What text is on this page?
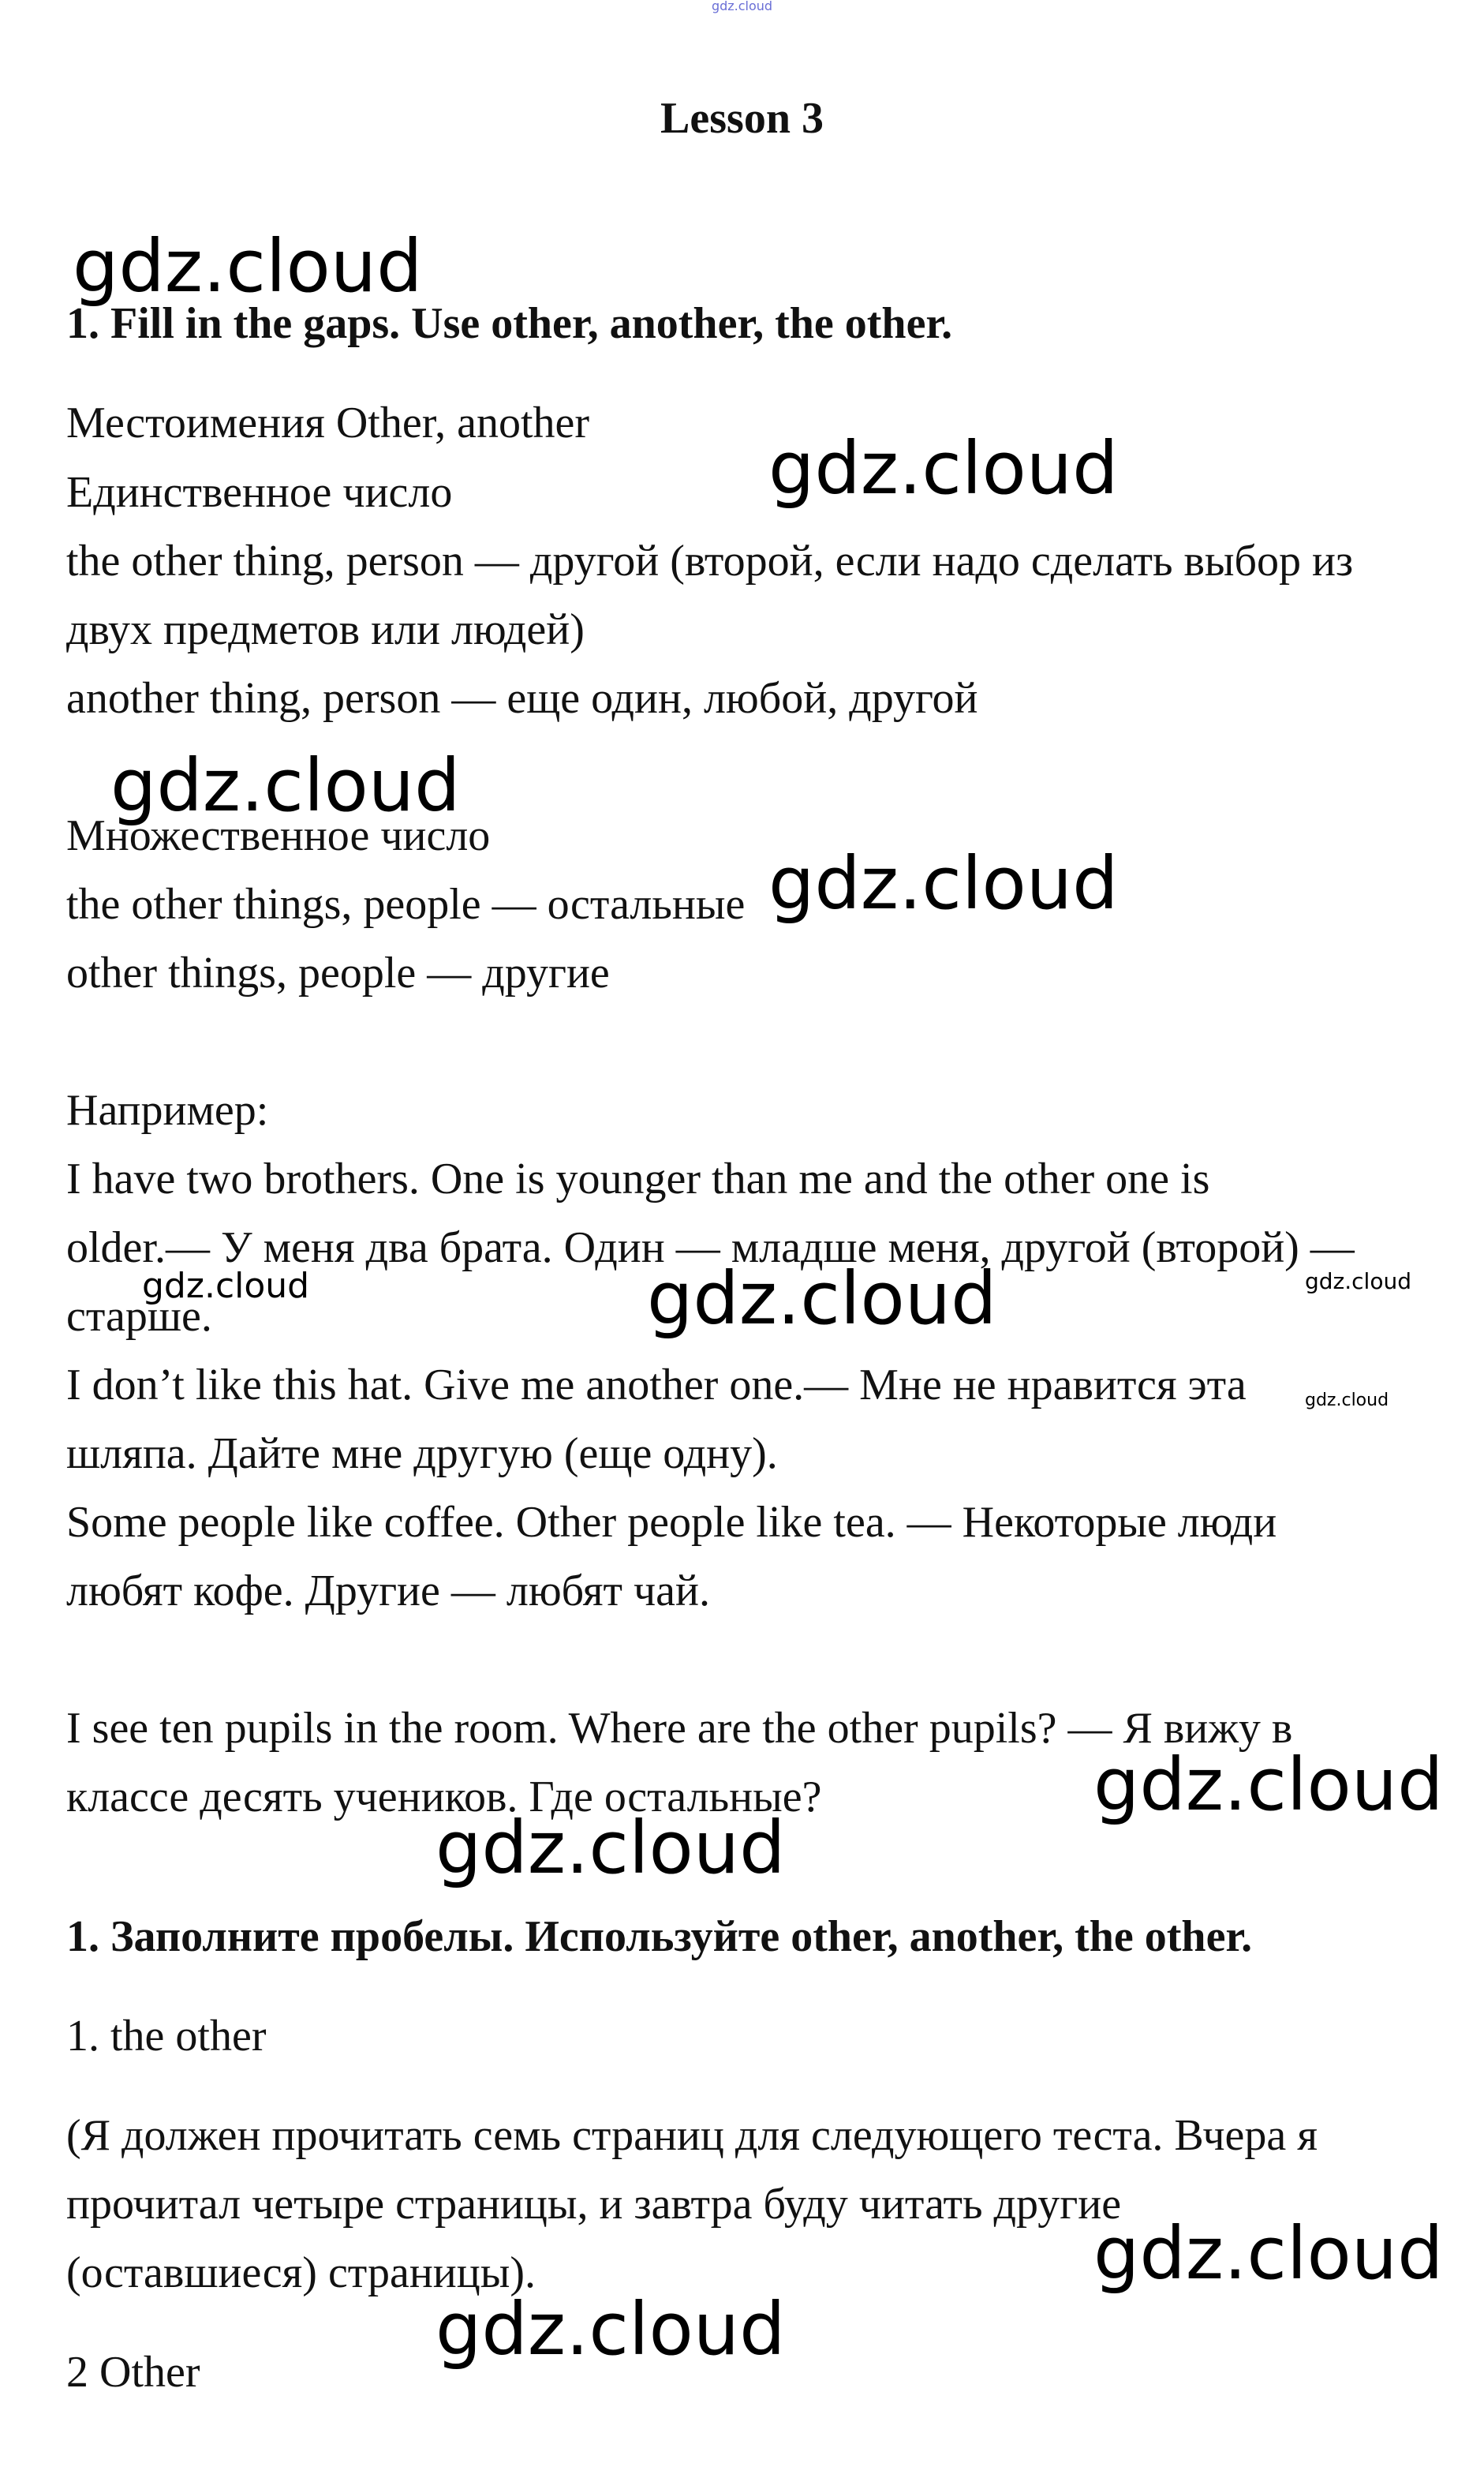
gdz.cloud
Lesson 3
gdz.cloud
1. Fill in the gaps. Use other, another, the other.
Местоимения Other, another
gdz.cloud
Единственное число
the other thing, person — другой (второй, если надо сделать выбор из
двух предметов или людей)
another thing, person — еще один, любой, другой
gdz.cloud
Множественное число
the other things, people — остальные gdz.cloud
other things, people — другие
Например:
I have two brothers. One is younger than me and the other one is
older.— У меня два брата. Один — младше меня, другой (второй) —
gdz.cloud	gdz.cloud	gdz.cloud
старше.
I don’t like this hat. Give me another one.— Мне не нравится эта	gdz.cloud
шляпа. Дайте мне другую (еще одну).
Some people like coffee. Other people like tea. — Некоторые люди
любят кофе. Другие — любят чай.
I see ten pupils in the room. Where are the other pupils? — Я вижу в
классе десять учеников. Где остальные?	gdz.cloud
gdz.cloud
1. Заполните пробелы. Используйте other, another, the other.
1. the other
(Я должен прочитать семь страниц для следующего теста. Вчера я
прочитал четыре страницы, и завтра буду читать другие
gdz.cloud
(оставшиеся) страницы).
gdz.cloud
2 Other
